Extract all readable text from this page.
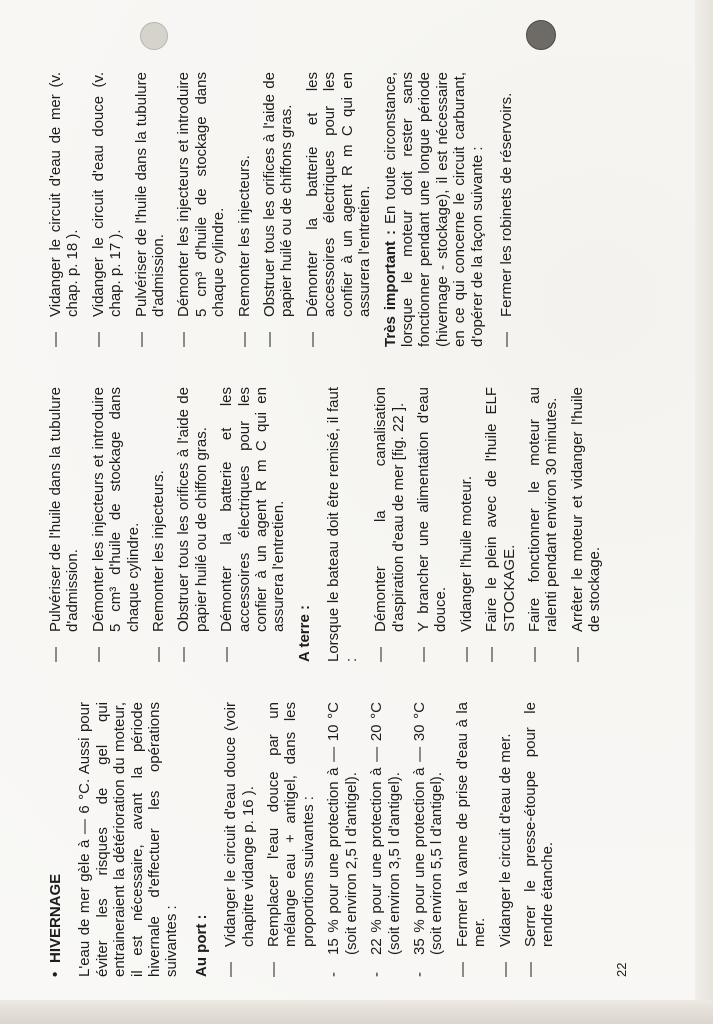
•HIVERNAGE L'eau de mer gèle à — 6 °C. Aussi pour éviter les risques de gel qui entraineraient la détérioration du moteur, il est nécessaire, avant la période hivernale d'effectuer les opérations suivantes : Au port : — Vidanger le circuit d'eau douce (voir chapitre vidange p. 16 ). — Remplacer l'eau douce par un mélange eau + antigel, dans les proportions suivantes :
-
15 % pour une protection à — 10 °C (soit environ 2,5 l d'antigel).
-
22 % pour une protection à — 20 °C (soit environ 3,5 l d'antigel).
-
35 % pour une protection à — 30 °C (soit environ 5,5 l d'antigel). — Fermer la vanne de prise d'eau à la mer. — Vidanger le circuit d'eau de mer. — Serrer le presse-étoupe pour le rendre étanche.
22
— Pulvériser de l'huile dans la tubulure d'admission. — Démonter les injecteurs et introduire 5 cm³ d'huile de stockage dans chaque cylindre. — Remonter les injecteurs. — Obstruer tous les orifices à l'aide de papier huilé ou de chiffon gras. — Démonter la batterie et les accessoires électriques pour les confier à un agent R m C qui en assurera l'entretien.
A terre : Lorsque le bateau doit être remisé, il faut :

— Démonter la canalisation d'aspiration d'eau de mer [fig. 22 ]. — Y brancher une alimentation d'eau douce. — Vidanger l'huile moteur. — Faire le plein avec de l'huile ELF STOCKAGE. — Faire fonctionner le moteur au ralenti pendant environ 30 minutes. — Arrêter le moteur et vidanger l'huile de stockage.
— Vidanger le circuit d'eau de mer (v. chap. p. 18 ). — Vidanger le circuit d'eau douce (v. chap. p. 17 ). — Pulvériser de l'huile dans la tubulure d'admission. — Démonter les injecteurs et introduire 5 cm³ d'huile de stockage dans chaque cylindre. — Remonter les injecteurs. — Obstruer tous les orifices à l'aide de papier huilé ou de chiffons gras. — Démonter la batterie et les accessoires électriques pour les confier à un agent R m C qui en assurera l'entretien. Très important : En toute circonstance, lorsque le moteur doit rester sans fonctionner pendant une longue période (hivernage - stockage), il est nécessaire en ce qui concerne le circuit carburant, d'opérer de la façon suivante : — Fermer les robinets de réservoirs.
